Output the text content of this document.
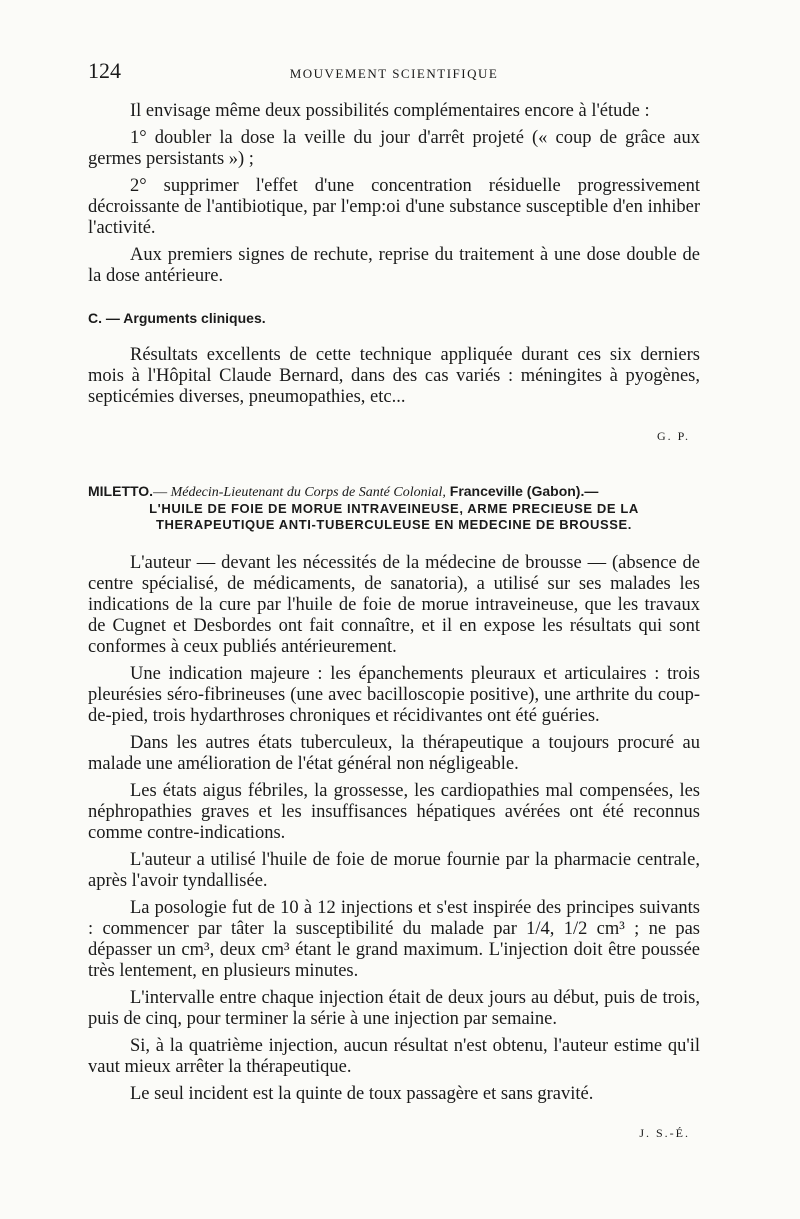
124	MOUVEMENT SCIENTIFIQUE

Il envisage même deux possibilités complémentaires encore à l'étude :

1° doubler la dose la veille du jour d'arrêt projeté (« coup de grâce aux germes persistants ») ;

2° supprimer l'effet d'une concentration résiduelle progressivement décroissante de l'antibiotique, par l'emp:oi d'une substance susceptible d'en inhiber l'activité.

Aux premiers signes de rechute, reprise du traitement à une dose double de la dose antérieure.

C. — Arguments cliniques.

Résultats excellents de cette technique appliquée durant ces six derniers mois à l'Hôpital Claude Bernard, dans des cas variés : méningites à pyogènes, septicémies diverses, pneumopathies, etc...

G. P.

MILETTO.— Médecin-Lieutenant du Corps de Santé Colonial, Franceville (Gabon).—

L'HUILE DE FOIE DE MORUE INTRAVEINEUSE, ARME PRECIEUSE DE LA THERAPEUTIQUE ANTI-TUBERCULEUSE EN MEDECINE DE BROUSSE.

L'auteur — devant les nécessités de la médecine de brousse — (absence de centre spécialisé, de médicaments, de sanatoria), a utilisé sur ses malades les indications de la cure par l'huile de foie de morue intraveineuse, que les travaux de Cugnet et Desbordes ont fait connaître, et il en expose les résultats qui sont conformes à ceux publiés antérieurement.

Une indication majeure : les épanchements pleuraux et articulaires : trois pleurésies séro-fibrineuses (une avec bacilloscopie positive), une arthrite du coup-de-pied, trois hydarthroses chroniques et récidivantes ont été guéries.

Dans les autres états tuberculeux, la thérapeutique a toujours procuré au malade une amélioration de l'état général non négligeable.

Les états aigus fébriles, la grossesse, les cardiopathies mal compensées, les néphropathies graves et les insuffisances hépatiques avérées ont été reconnus comme contre-indications.

L'auteur a utilisé l'huile de foie de morue fournie par la pharmacie centrale, après l'avoir tyndallisée.

La posologie fut de 10 à 12 injections et s'est inspirée des principes suivants : commencer par tâter la susceptibilité du malade par 1/4, 1/2 cm³ ; ne pas dépasser un cm³, deux cm³ étant le grand maximum. L'injection doit être poussée très lentement, en plusieurs minutes.

L'intervalle entre chaque injection était de deux jours au début, puis de trois, puis de cinq, pour terminer la série à une injection par semaine.

Si, à la quatrième injection, aucun résultat n'est obtenu, l'auteur estime qu'il vaut mieux arrêter la thérapeutique.

Le seul incident est la quinte de toux passagère et sans gravité.

J. S.-É.
